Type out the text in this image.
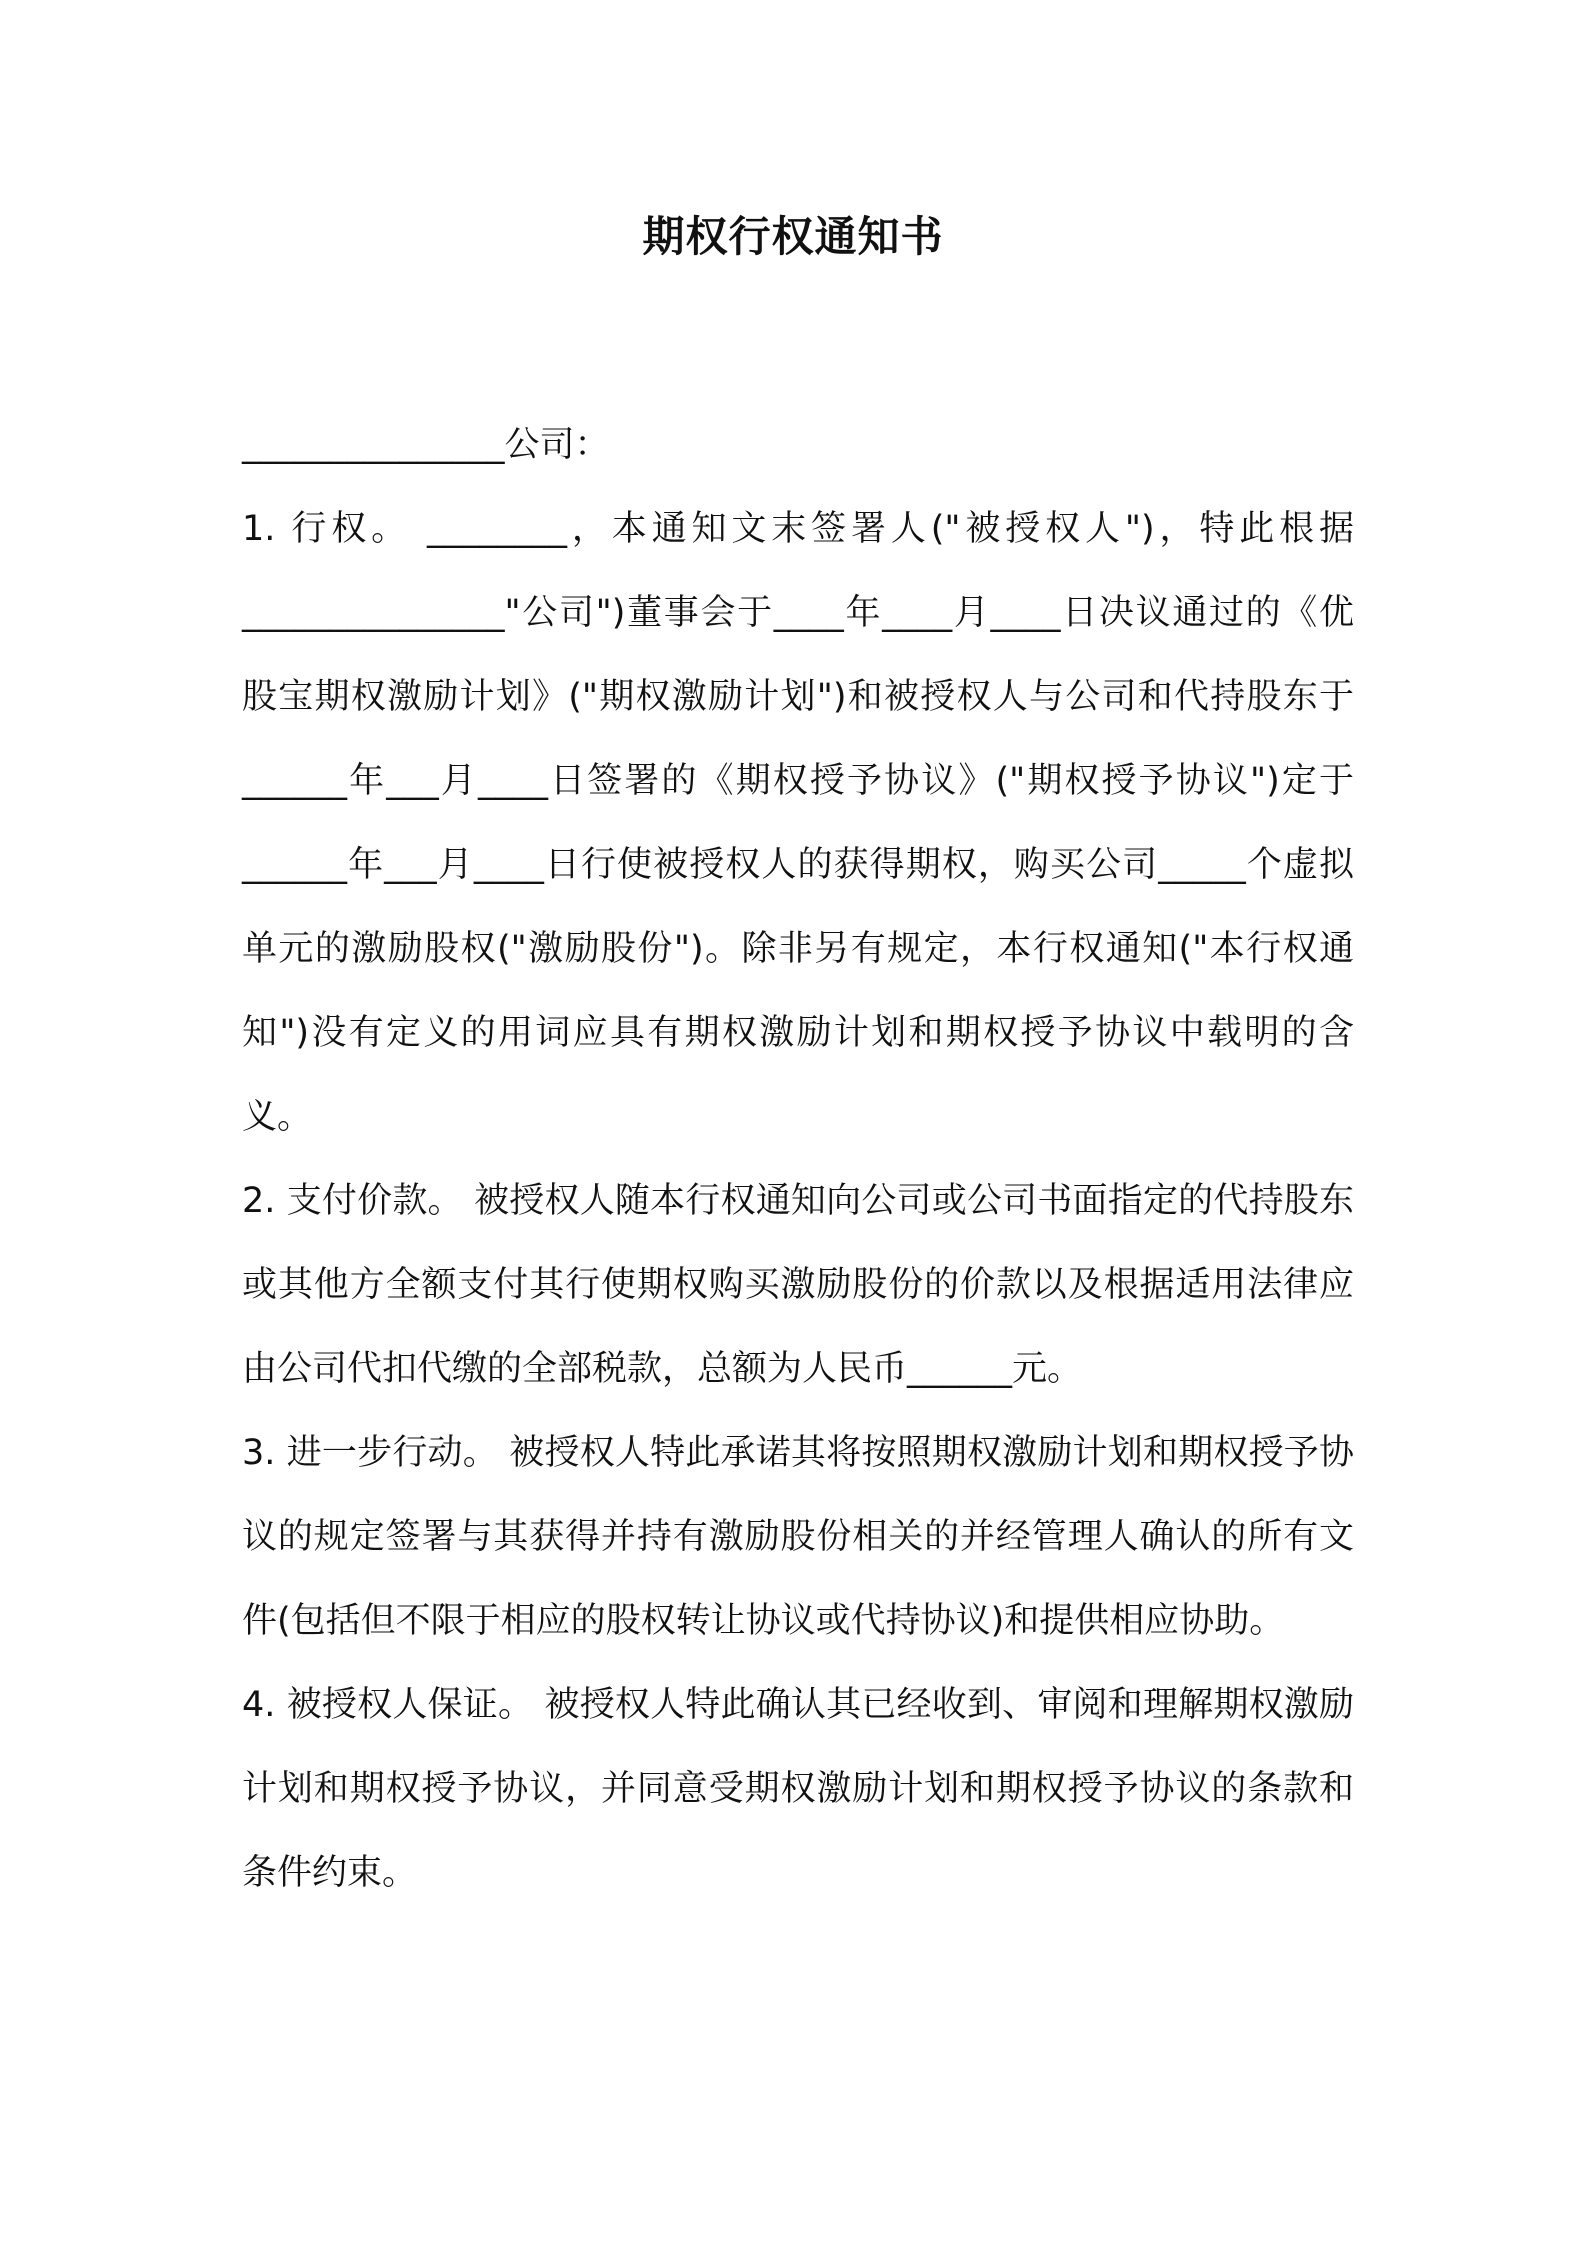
期权行权通知书

_______________公司：

1. 行权。 ________，本通知文末签署人("被授权人")，特此根据 _______________"公司")董事会于____年____月____日决议通过的《优股宝期权激励计划》("期权激励计划")和被授权人与公司和代持股东于______年___月____日签署的《期权授予协议》("期权授予协议")定于______年___月____日行使被授权人的获得期权，购买公司_____个虚拟单元的激励股权("激励股份")。除非另有规定，本行权通知("本行权通知")没有定义的用词应具有期权激励计划和期权授予协议中载明的含义。

2. 支付价款。 被授权人随本行权通知向公司或公司书面指定的代持股东或其他方全额支付其行使期权购买激励股份的价款以及根据适用法律应由公司代扣代缴的全部税款，总额为人民币______元。

3. 进一步行动。 被授权人特此承诺其将按照期权激励计划和期权授予协议的规定签署与其获得并持有激励股份相关的并经管理人确认的所有文件(包括但不限于相应的股权转让协议或代持协议)和提供相应协助。

4. 被授权人保证。 被授权人特此确认其已经收到、审阅和理解期权激励计划和期权授予协议，并同意受期权激励计划和期权授予协议的条款和条件约束。
